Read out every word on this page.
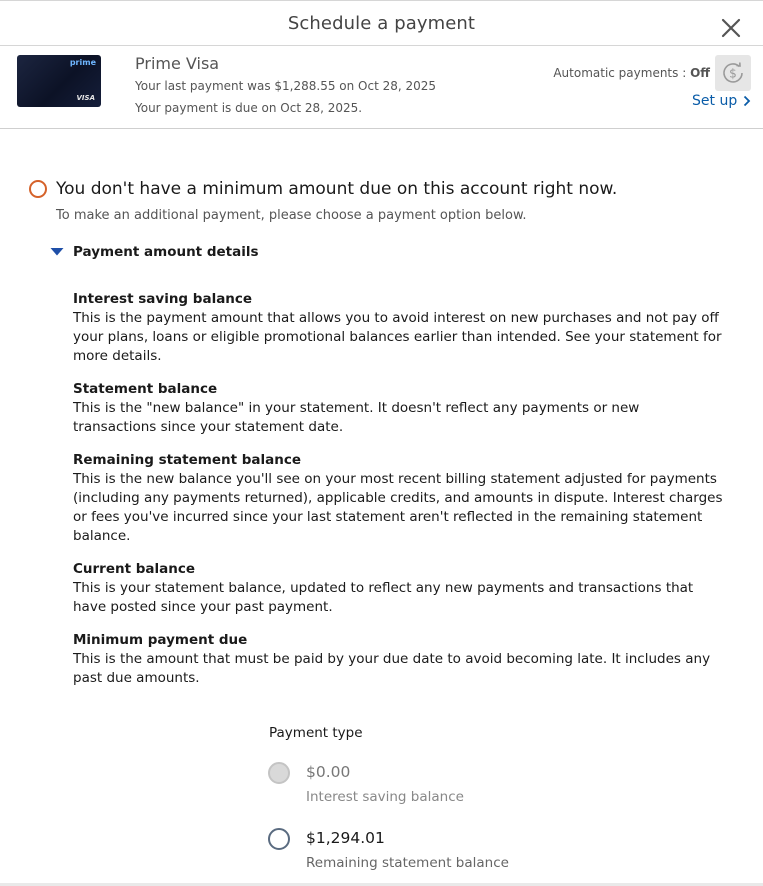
Schedule a payment
prime
VISA
Prime Visa
Your last payment was $1,288.55 on Oct 28, 2025
Your payment is due on Oct 28, 2025.
Automatic payments : Off $
Set up
You don't have a minimum amount due on this account right now.
To make an additional payment, please choose a payment option below.
Payment amount details
Interest saving balance
This is the payment amount that allows you to avoid interest on new purchases and not pay off your plans, loans or eligible promotional balances earlier than intended. See your statement for more details.
Statement balance
This is the "new balance" in your statement. It doesn't reflect any payments or new transactions since your statement date.
Remaining statement balance
This is the new balance you'll see on your most recent billing statement adjusted for payments (including any payments returned), applicable credits, and amounts in dispute. Interest charges or fees you've incurred since your last statement aren't reflected in the remaining statement balance.
Current balance
This is your statement balance, updated to reflect any new payments and transactions that have posted since your past payment.
Minimum payment due
This is the amount that must be paid by your due date to avoid becoming late. It includes any past due amounts.
Payment type
$0.00
Interest saving balance
$1,294.01
Remaining statement balance
